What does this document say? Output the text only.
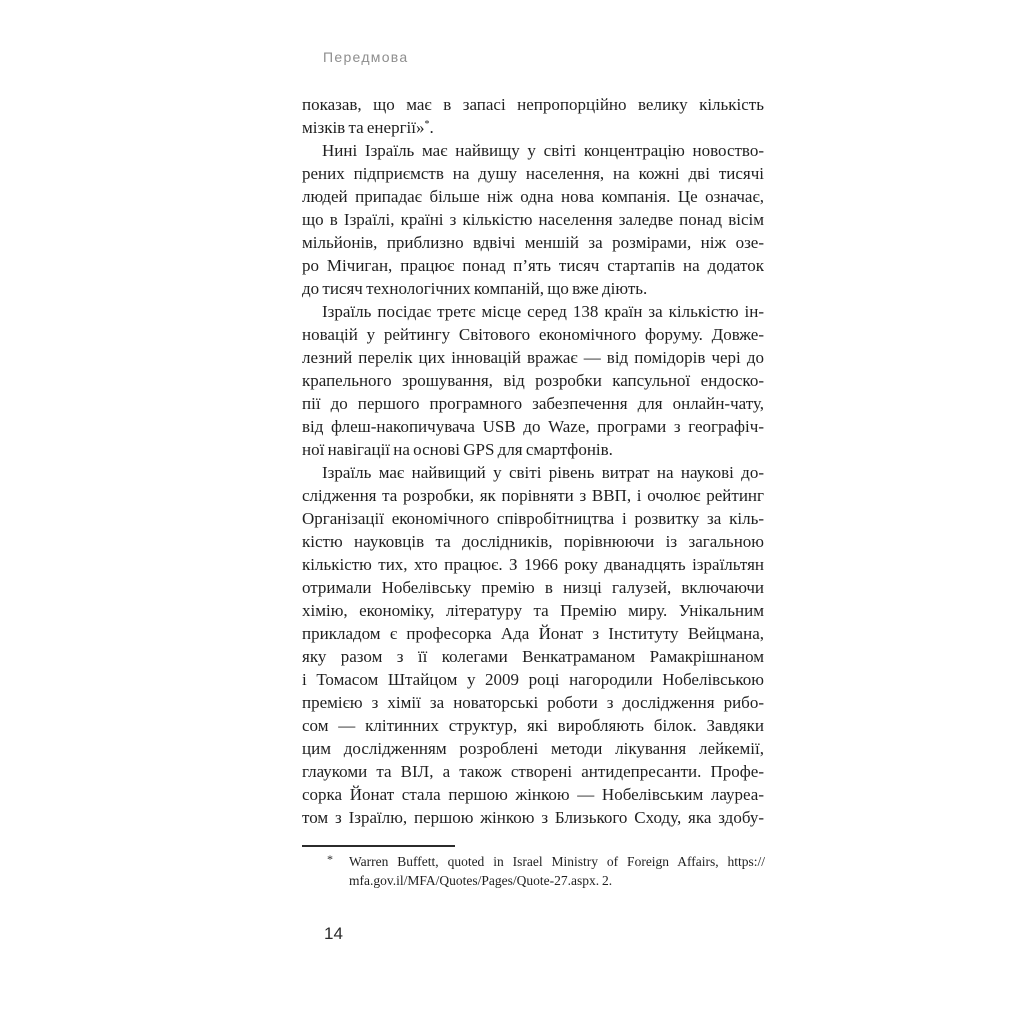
Передмова
показав, що має в запасі непропорційно велику кількість
мізків та енергії»*.
Нині Ізраїль має найвищу у світі концентрацію новоство-
рених підприємств на душу населення, на кожні дві тисячі
людей припадає більше ніж одна нова компанія. Це означає,
що в Ізраїлі, країні з кількістю населення заледве понад вісім
мільйонів, приблизно вдвічі меншій за розмірами, ніж озе-
ро Мічиган, працює понад п’ять тисяч стартапів на додаток
до тисяч технологічних компаній, що вже діють.
Ізраїль посідає третє місце серед 138 країн за кількістю ін-
новацій у рейтингу Світового економічного форуму. Довже-
лезний перелік цих інновацій вражає — від помідорів чері до
крапельного зрошування, від розробки капсульної ендоско-
пії до першого програмного забезпечення для онлайн-чату,
від флеш-накопичувача USB до Waze, програми з географіч-
ної навігації на основі GPS для смартфонів.
Ізраїль має найвищий у світі рівень витрат на наукові до-
слідження та розробки, як порівняти з ВВП, і очолює рейтинг
Організації економічного співробітництва і розвитку за кіль-
кістю науковців та дослідників, порівнюючи із загальною
кількістю тих, хто працює. З 1966 року дванадцять ізраїльтян
отримали Нобелівську премію в низці галузей, включаючи
хімію, економіку, літературу та Премію миру. Унікальним
прикладом є професорка Ада Йонат з Інституту Вейцмана,
яку разом з її колегами Венкатраманом Рамакрішнаном
і Томасом Штайцом у 2009 році нагородили Нобелівською
премією з хімії за новаторські роботи з дослідження рибо-
сом — клітинних структур, які виробляють білок. Завдяки
цим дослідженням розроблені методи лікування лейкемії,
глаукоми та ВІЛ, а також створені антидепресанти. Профе-
сорка Йонат стала першою жінкою — Нобелівським лауреа-
том з Ізраїлю, першою жінкою з Близького Сходу, яка здобу-
* Warren Buffett, quoted in Israel Ministry of Foreign Affairs, https://
mfa.gov.il/MFA/Quotes/Pages/Quote-27.aspx. 2.
14
